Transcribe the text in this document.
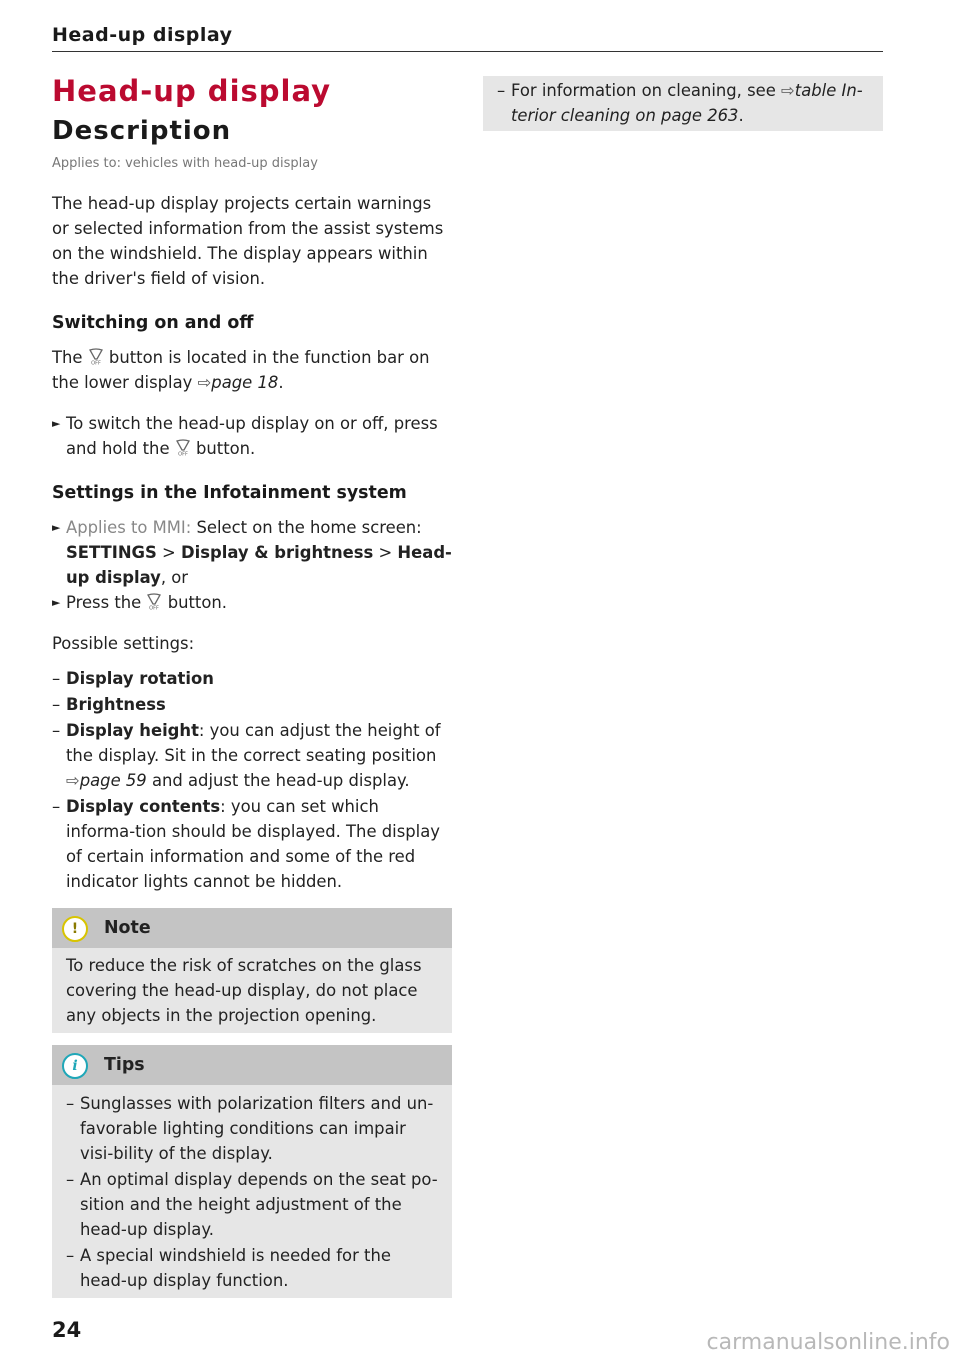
Head-up display
Head-up display
Description
Applies to: vehicles with head-up display

The head-up display projects certain warnings or selected information from the assist systems on the windshield. The display appears within the driver's field of vision.

Switching on and off

The OFF button is located in the function bar on the lower display ⇨page 18.

► To switch the head-up display on or off, press and hold the OFF button.
Settings in the Infotainment system
► Applies to MMI: Select on the home screen: SETTINGS > Display & brightness > Head-up display, or
► Press the OFF button.

Possible settings:

– Display rotation
– Brightness
– Display height: you can adjust the height of the display. Sit in the correct seating position ⇨page 59 and adjust the head-up display.
– Display contents: you can set which informa-tion should be displayed. The display of certain information and some of the red indicator lights cannot be hidden.
!	Note
To reduce the risk of scratches on the glass covering the head-up display, do not place any objects in the projection opening.
i	Tips
– Sunglasses with polarization filters and un-favorable lighting conditions can impair visi-bility of the display.
– An optimal display depends on the seat po-sition and the height adjustment of the head-up display.
– A special windshield is needed for the head-up display function.
– For information on cleaning, see ⇨table In-terior cleaning on page 263.
24	carmanualsonline.info
